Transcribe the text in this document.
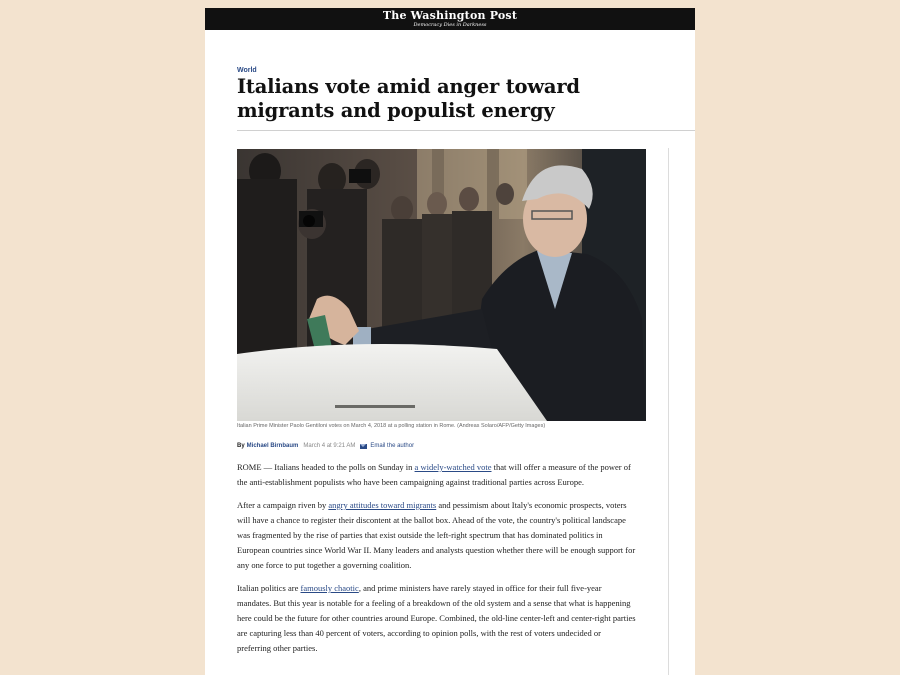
The Washington Post
Democracy Dies in Darkness
World
Italians vote amid anger toward migrants and populist energy
Italian Prime Minister Paolo Gentiloni votes on March 4, 2018 at a polling station in Rome. (Andreas Solaro/AFP/Getty Images)
By Michael Birnbaum March 4 at 9:21 AM	Email the author

ROME — Italians headed to the polls on Sunday in a widely-watched vote that will offer a measure of the power of the anti-establishment populists who have been campaigning against traditional parties across Europe.

After a campaign riven by angry attitudes toward migrants and pessimism about Italy's economic prospects, voters will have a chance to register their discontent at the ballot box. Ahead of the vote, the country's political landscape was fragmented by the rise of parties that exist outside the left-right spectrum that has dominated politics in European countries since World War II. Many leaders and analysts question whether there will be enough support for any one force to put together a governing coalition.

Italian politics are famously chaotic, and prime ministers have rarely stayed in office for their full five-year mandates. But this year is notable for a feeling of a breakdown of the old system and a sense that what is happening here could be the future for other countries around Europe. Combined, the old-line center-left and center-right parties are capturing less than 40 percent of voters, according to opinion polls, with the rest of voters undecided or preferring other parties.
